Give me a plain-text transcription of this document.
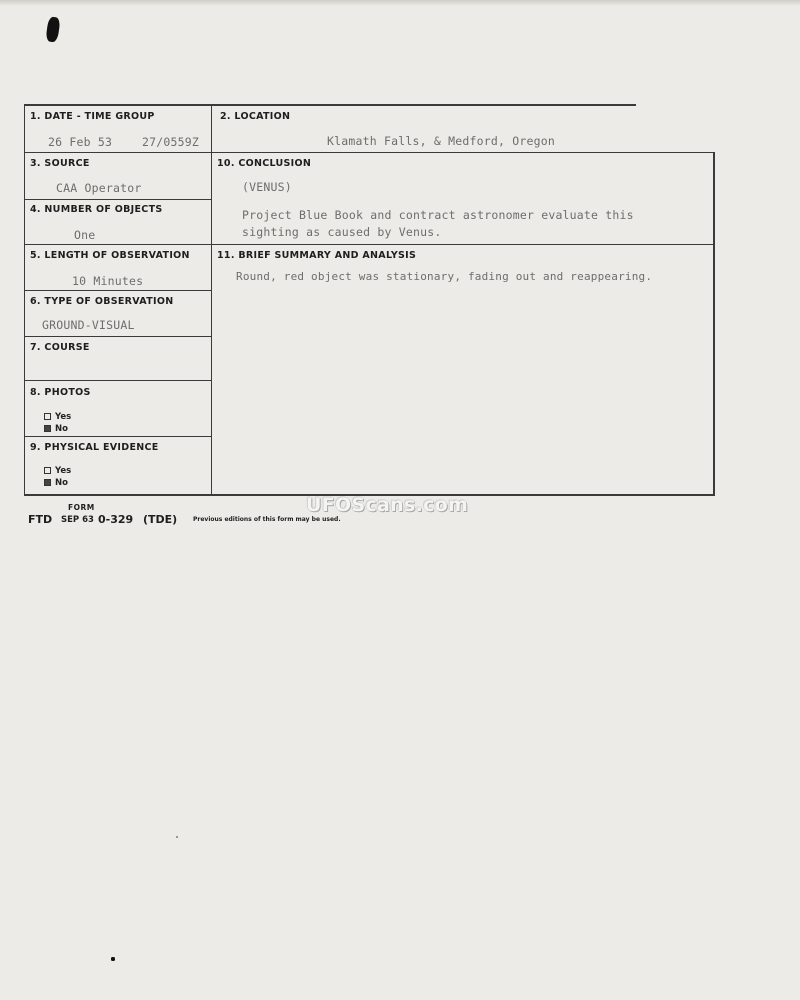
1. DATE - TIME GROUP
26 Feb 53	27/0559Z
2. LOCATION
Klamath Falls, & Medford, Oregon
3. SOURCE
CAA Operator
10. CONCLUSION
(VENUS)
Project Blue Book and contract astronomer evaluate this
sighting as caused by Venus.
4. NUMBER OF OBJECTS
One
5. LENGTH OF OBSERVATION
10 Minutes
11. BRIEF SUMMARY AND ANALYSIS
Round, red object was stationary, fading out and reappearing.
6. TYPE OF OBSERVATION
GROUND-VISUAL
7. COURSE
8. PHOTOS
Yes
No
9. PHYSICAL EVIDENCE
Yes
No
FORM
FTD SEP 63 0-329 (TDE)	Previous editions of this form may be used.
UFOScans.com
